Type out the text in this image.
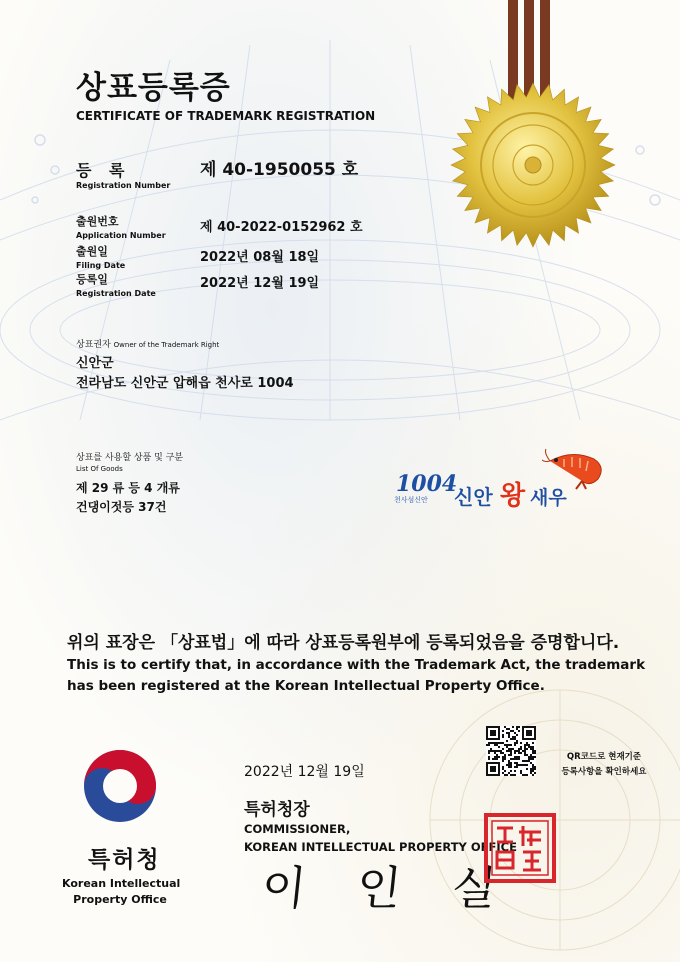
상표등록증
CERTIFICATE OF TRADEMARK REGISTRATION
등 록
Registration Number
제 40-1950055 호
출원번호
Application Number
제 40-2022-0152962 호
출원일
Filing Date
2022년 08월 18일
등록일
Registration Date
2022년 12월 19일
상표권자 Owner of the Trademark Right
신안군
전라남도 신안군 압해읍 천사로 1004
상표를 사용할 상품 및 구분
List Of Goods
제 29 류 등 4 개류
건댕이젓등 37건
1004
천사섬신안 신안 왕 새우
위의 표장은 「상표법」에 따라 상표등록원부에 등록되었음을 증명합니다.
This is to certify that, in accordance with the Trademark Act, the trademark
has been registered at the Korean Intellectual Property Office.
QR코드로 현재기준
등록사항을 확인하세요
2022년 12월 19일
특허청장
COMMISSIONER,
KOREAN INTELLECTUAL PROPERTY OFFICE
이 인 실
특허청
Korean Intellectual
Property Office
